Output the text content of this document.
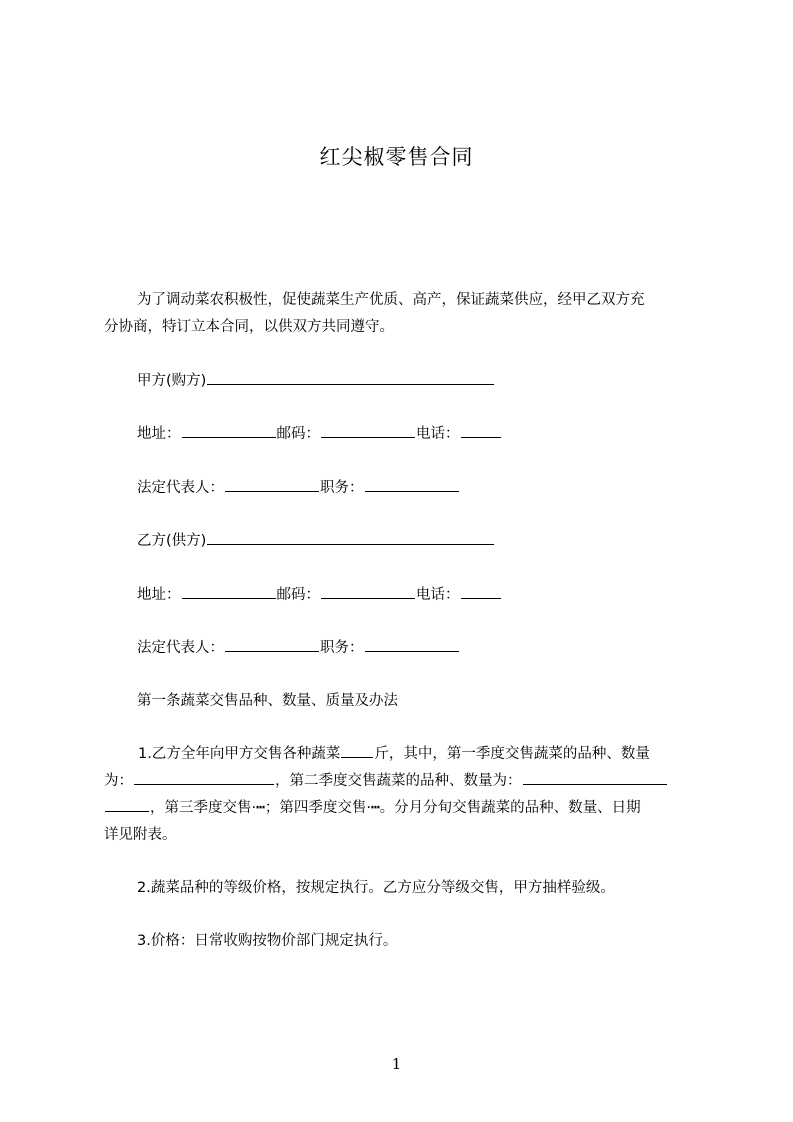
红尖椒零售合同
为了调动菜农积极性，促使蔬菜生产优质、高产，保证蔬菜供应，经甲乙双方充
分协商，特订立本合同，以供双方共同遵守。
甲方(购方)
地址：	邮码：	电话：
法定代表人：	职务：
乙方(供方)
地址：	邮码：	电话：
法定代表人：	职务：
第一条蔬菜交售品种、数量、质量及办法
1.乙方全年向甲方交售各种蔬菜 斤，其中，第一季度交售蔬菜的品种、数量
为：	，第二季度交售蔬菜的品种、数量为：
，第三季度交售·┅；第四季度交售·┅。分月分旬交售蔬菜的品种、数量、日期
详见附表。
2.蔬菜品种的等级价格，按规定执行。乙方应分等级交售，甲方抽样验级。
3.价格：日常收购按物价部门规定执行。
1
